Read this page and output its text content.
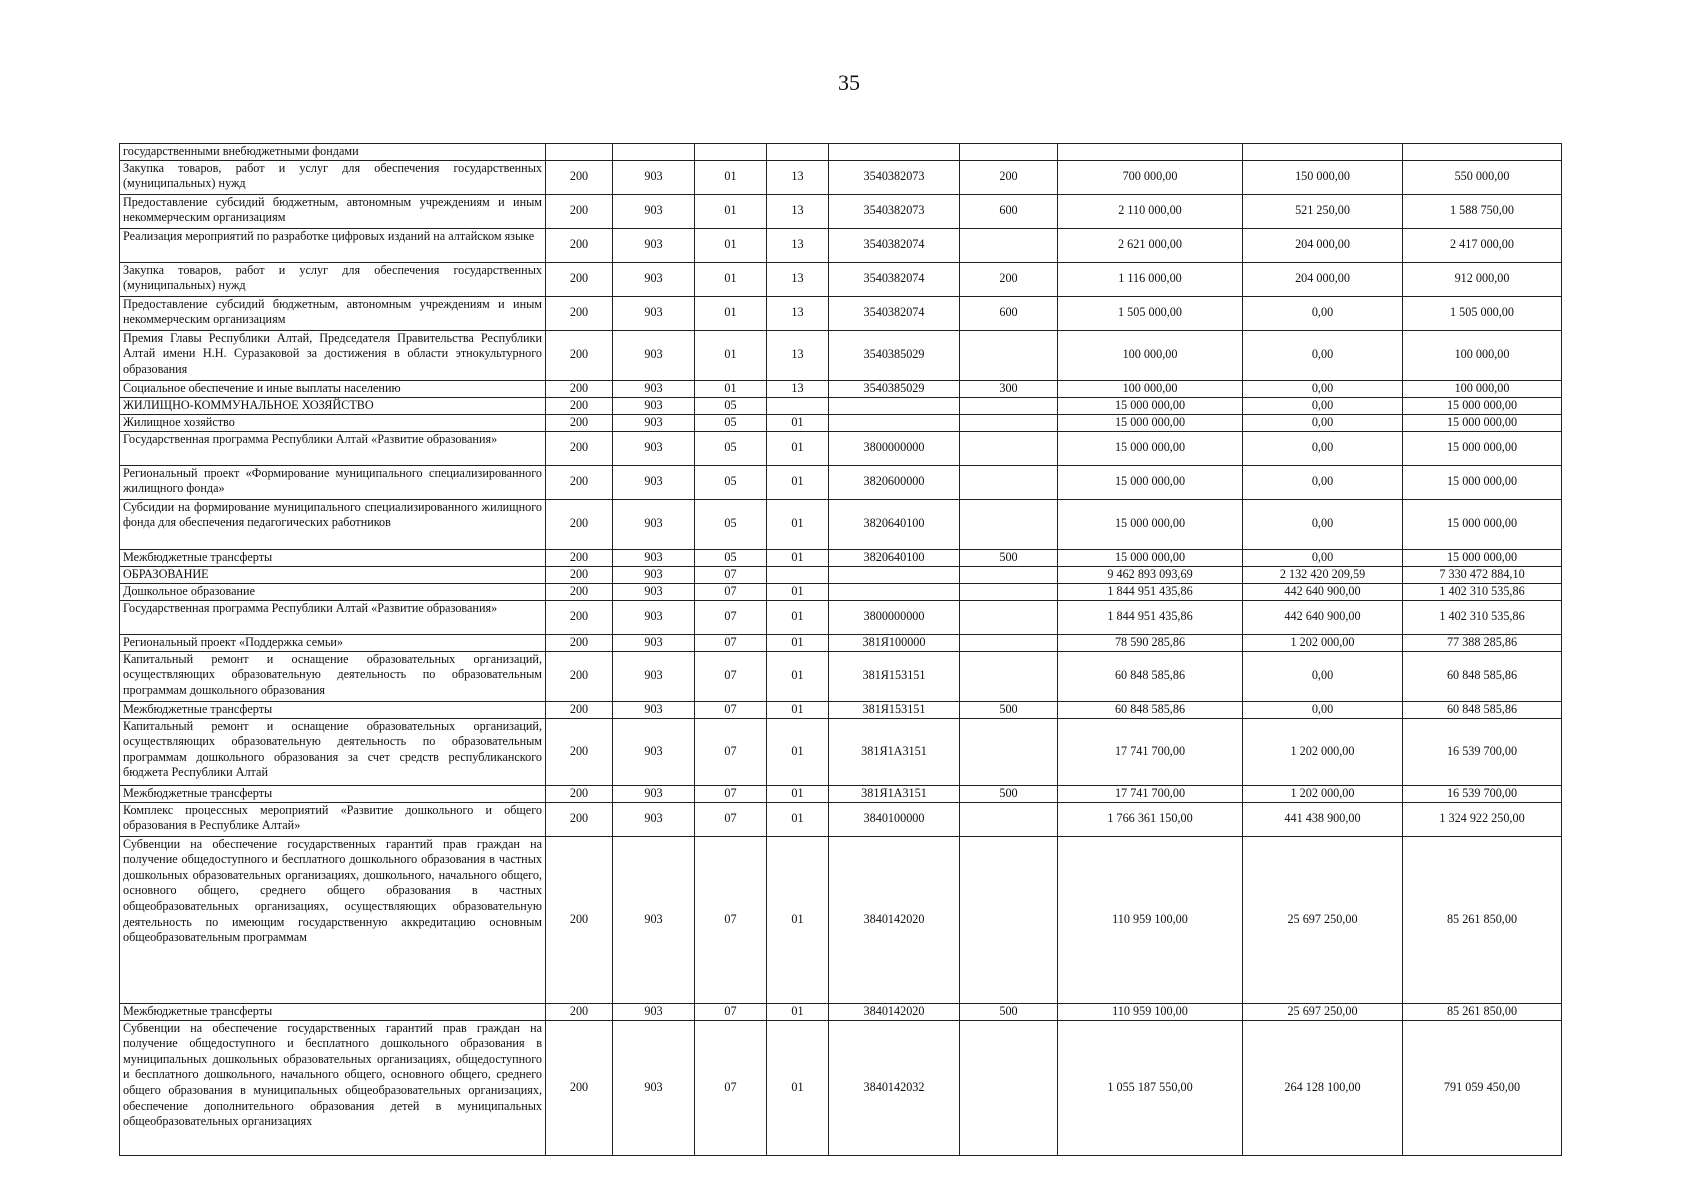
35
государственными внебюджетными фондами									
Закупка товаров, работ и услуг для обеспечения государственных (муниципальных) нужд	200	903	01	13	3540382073	200	700 000,00	150 000,00	550 000,00
Предоставление субсидий бюджетным, автономным учреждениям и иным некоммерческим организациям	200	903	01	13	3540382073	600	2 110 000,00	521 250,00	1 588 750,00
Реализация мероприятий по разработке цифровых изданий на алтайском языке	200	903	01	13	3540382074		2 621 000,00	204 000,00	2 417 000,00
Закупка товаров, работ и услуг для обеспечения государственных (муниципальных) нужд	200	903	01	13	3540382074	200	1 116 000,00	204 000,00	912 000,00
Предоставление субсидий бюджетным, автономным учреждениям и иным некоммерческим организациям	200	903	01	13	3540382074	600	1 505 000,00	0,00	1 505 000,00
Премия Главы Республики Алтай, Председателя Правительства Республики Алтай имени Н.Н. Суразаковой за достижения в области этнокультурного образования	200	903	01	13	3540385029		100 000,00	0,00	100 000,00
Социальное обеспечение и иные выплаты населению	200	903	01	13	3540385029	300	100 000,00	0,00	100 000,00
ЖИЛИЩНО-КОММУНАЛЬНОЕ ХОЗЯЙСТВО	200	903	05				15 000 000,00	0,00	15 000 000,00
Жилищное хозяйство	200	903	05	01			15 000 000,00	0,00	15 000 000,00
Государственная программа Республики Алтай «Развитие образования»	200	903	05	01	3800000000		15 000 000,00	0,00	15 000 000,00
Региональный проект «Формирование муниципального специализированного жилищного фонда»	200	903	05	01	3820600000		15 000 000,00	0,00	15 000 000,00
Субсидии на формирование муниципального специализированного жилищного фонда для обеспечения педагогических работников	200	903	05	01	3820640100		15 000 000,00	0,00	15 000 000,00
Межбюджетные трансферты	200	903	05	01	3820640100	500	15 000 000,00	0,00	15 000 000,00
ОБРАЗОВАНИЕ	200	903	07				9 462 893 093,69	2 132 420 209,59	7 330 472 884,10
Дошкольное образование	200	903	07	01			1 844 951 435,86	442 640 900,00	1 402 310 535,86
Государственная программа Республики Алтай «Развитие образования»	200	903	07	01	3800000000		1 844 951 435,86	442 640 900,00	1 402 310 535,86
Региональный проект «Поддержка семьи»	200	903	07	01	381Я100000		78 590 285,86	1 202 000,00	77 388 285,86
Капитальный ремонт и оснащение образовательных организаций, осуществляющих образовательную деятельность по образовательным программам дошкольного образования	200	903	07	01	381Я153151		60 848 585,86	0,00	60 848 585,86
Межбюджетные трансферты	200	903	07	01	381Я153151	500	60 848 585,86	0,00	60 848 585,86
Капитальный ремонт и оснащение образовательных организаций, осуществляющих образовательную деятельность по образовательным программам дошкольного образования за счет средств республиканского бюджета Республики Алтай	200	903	07	01	381Я1А3151		17 741 700,00	1 202 000,00	16 539 700,00
Межбюджетные трансферты	200	903	07	01	381Я1А3151	500	17 741 700,00	1 202 000,00	16 539 700,00
Комплекс процессных мероприятий «Развитие дошкольного и общего образования в Республике Алтай»	200	903	07	01	3840100000		1 766 361 150,00	441 438 900,00	1 324 922 250,00
Субвенции на обеспечение государственных гарантий прав граждан на получение общедоступного и бесплатного дошкольного образования в частных дошкольных образовательных организациях, дошкольного, начального общего, основного общего, среднего общего образования в частных общеобразовательных организациях, осуществляющих образовательную деятельность по имеющим государственную аккредитацию основным общеобразовательным программам	200	903	07	01	3840142020		110 959 100,00	25 697 250,00	85 261 850,00
Межбюджетные трансферты	200	903	07	01	3840142020	500	110 959 100,00	25 697 250,00	85 261 850,00
Субвенции на обеспечение государственных гарантий прав граждан на получение общедоступного и бесплатного дошкольного образования в муниципальных дошкольных образовательных организациях, общедоступного и бесплатного дошкольного, начального общего, основного общего, среднего общего образования в муниципальных общеобразовательных организациях, обеспечение дополнительного образования детей в муниципальных общеобразовательных организациях	200	903	07	01	3840142032		1 055 187 550,00	264 128 100,00	791 059 450,00
